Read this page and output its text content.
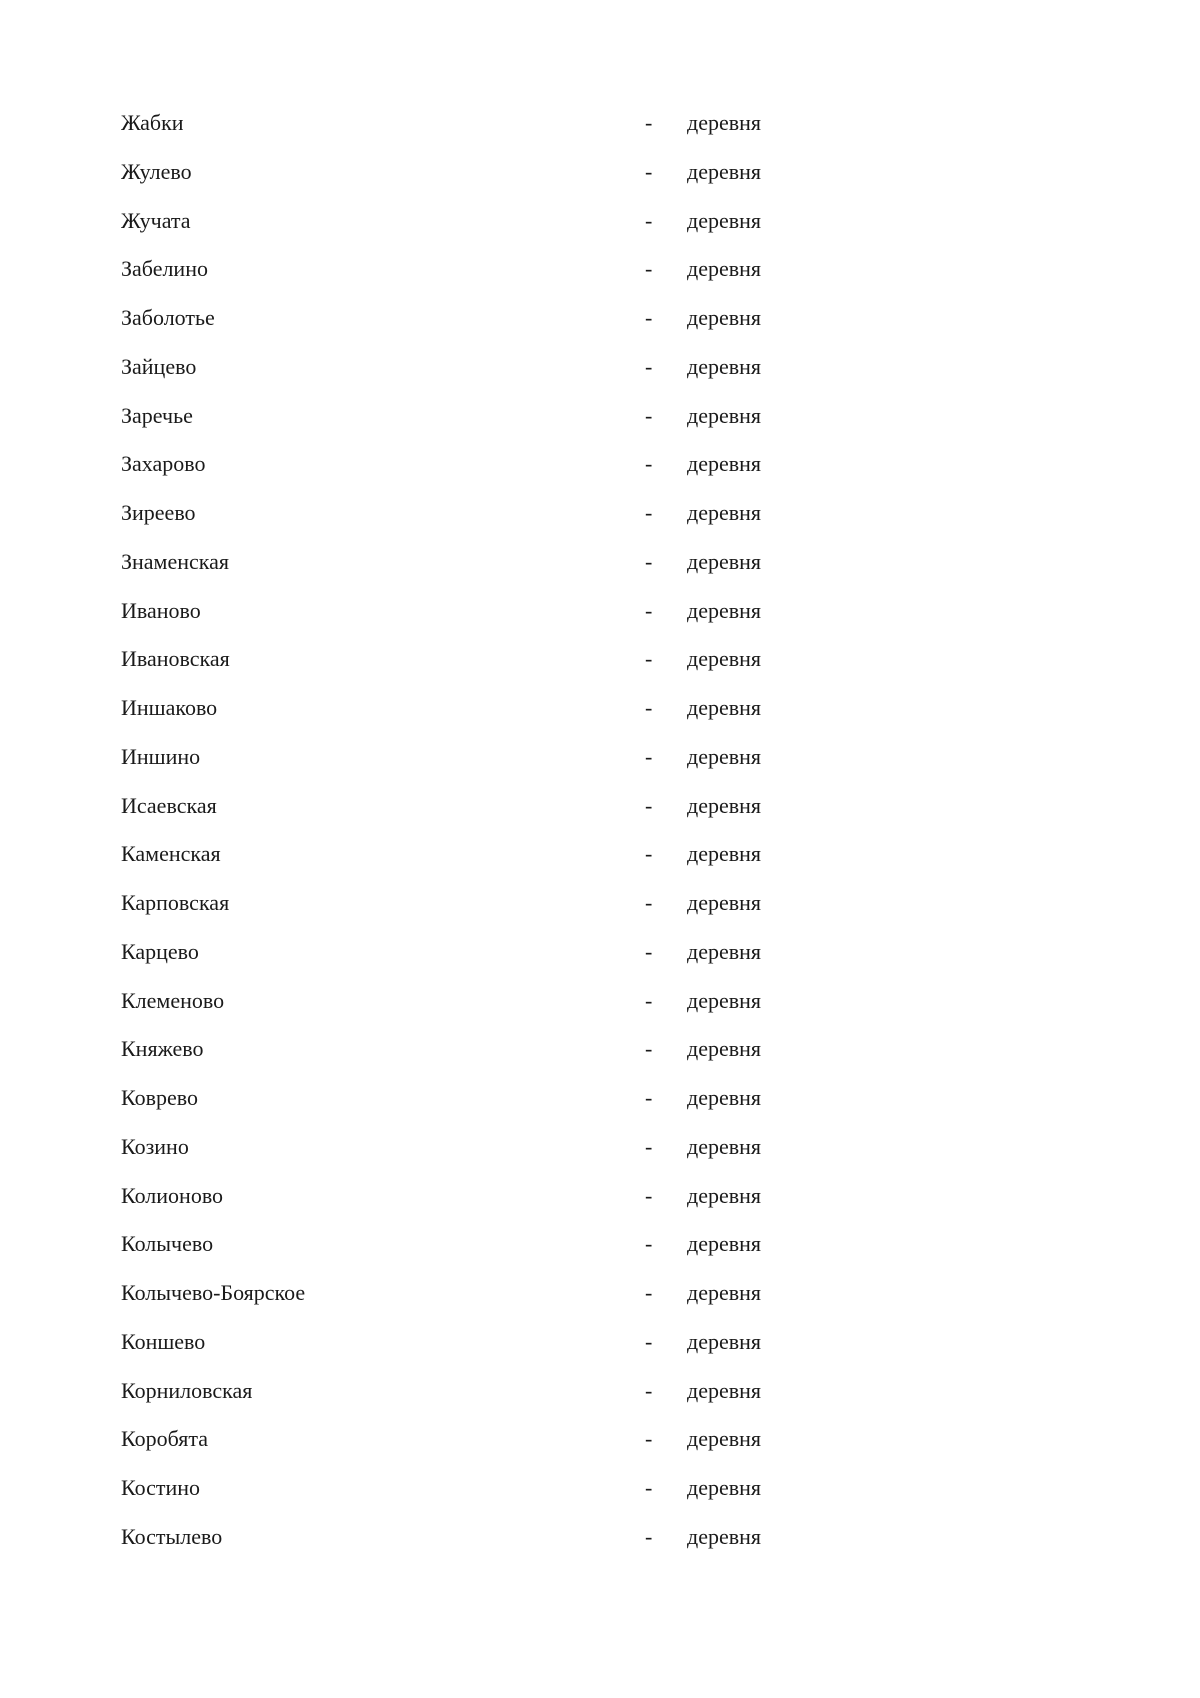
Жабки	- деревня
Жулево	- деревня
Жучата	- деревня
Забелино	- деревня
Заболотье	- деревня
Зайцево	- деревня
Заречье	- деревня
Захарово	- деревня
Зиреево	- деревня
Знаменская	- деревня
Иваново	- деревня
Ивановская	- деревня
Иншаково	- деревня
Иншино	- деревня
Исаевская	- деревня
Каменская	- деревня
Карповская	- деревня
Карцево	- деревня
Клеменово	- деревня
Княжево	- деревня
Коврево	- деревня
Козино	- деревня
Колионово	- деревня
Колычево	- деревня
Колычево-Боярское	- деревня
Коншево	- деревня
Корниловская	- деревня
Коробята	- деревня
Костино	- деревня
Костылево	- деревня
